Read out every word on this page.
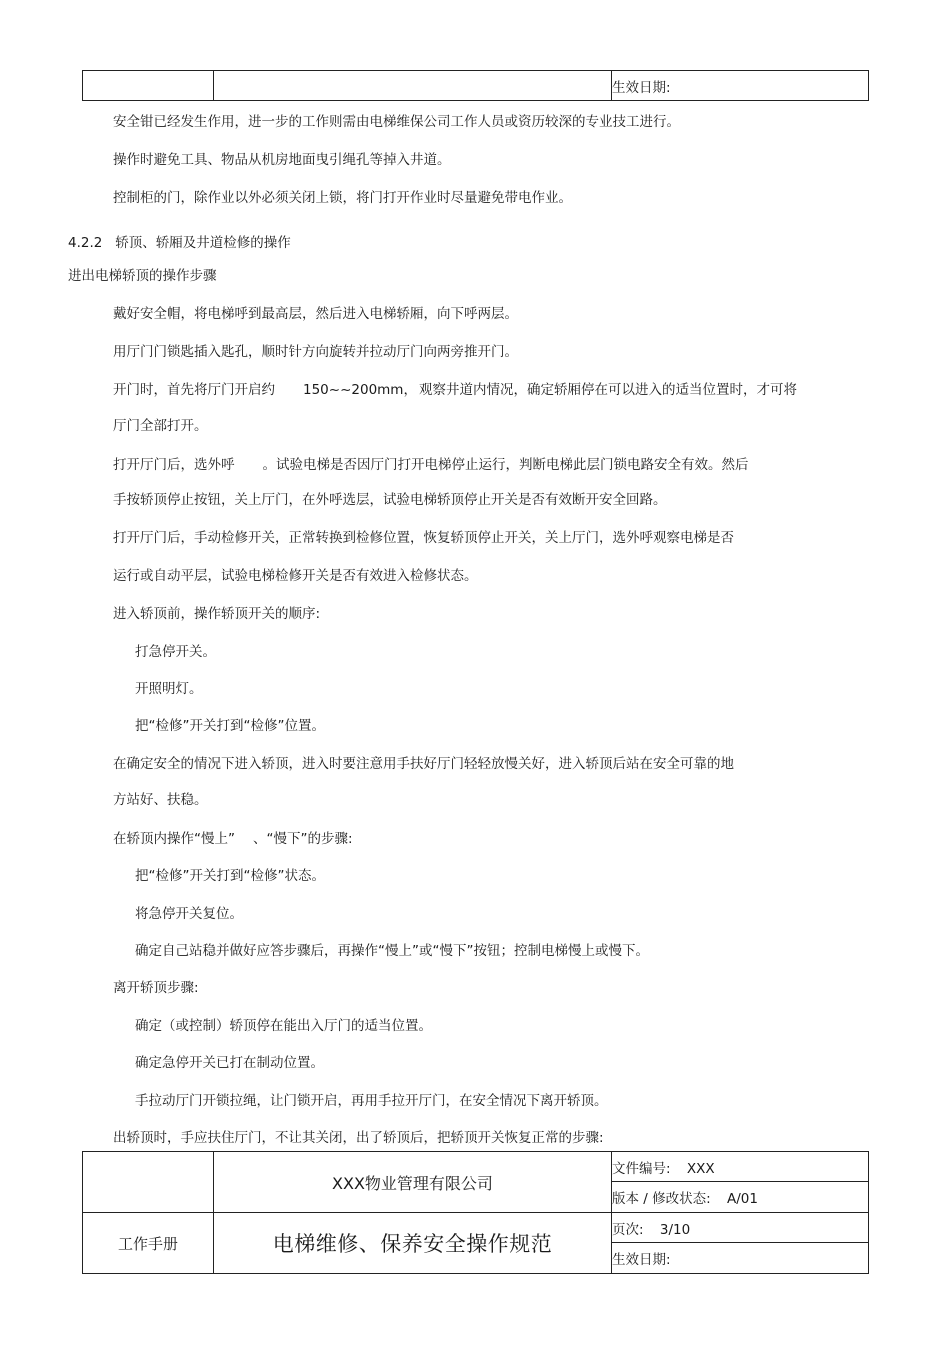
		生效日期:
安全钳已经发生作用，进一步的工作则需由电梯维保公司工作人员或资历较深的专业技工进行。
操作时避免工具、物品从机房地面曳引绳孔等掉入井道。
控制柜的门，除作业以外必须关闭上锁，将门打开作业时尽量避免带电作业。
4.2.2   轿顶、轿厢及井道检修的操作
进出电梯轿顶的操作步骤
戴好安全帽，将电梯呼到最高层，然后进入电梯轿厢，向下呼两层。
用厅门门锁匙插入匙孔，顺时针方向旋转并拉动厅门向两旁推开门。
开门时，首先将厅门开启约 150~~200mm， 观察井道内情况，确定轿厢停在可以进入的适当位置时，才可将
厅门全部打开。
打开厅门后，选外呼 。试验电梯是否因厅门打开电梯停止运行，判断电梯此层门锁电路安全有效。然后
手按轿顶停止按钮，关上厅门，在外呼选层，试验电梯轿顶停止开关是否有效断开安全回路。
打开厅门后，手动检修开关，正常转换到检修位置，恢复轿顶停止开关，关上厅门，选外呼观察电梯是否
运行或自动平层，试验电梯检修开关是否有效进入检修状态。
进入轿顶前，操作轿顶开关的顺序:
打急停开关。
开照明灯。
把“检修”开关打到“检修”位置。
在确定安全的情况下进入轿顶，进入时要注意用手扶好厅门轻轻放慢关好，进入轿顶后站在安全可靠的地
方站好、扶稳。
在轿顶内操作“慢上” 、“慢下”的步骤:
把“检修”开关打到“检修”状态。
将急停开关复位。
确定自己站稳并做好应答步骤后，再操作“慢上”或“慢下”按钮；控制电梯慢上或慢下。
离开轿顶步骤:
确定（或控制）轿顶停在能出入厅门的适当位置。
确定急停开关已打在制动位置。
手拉动厅门开锁拉绳，让门锁开启，再用手拉开厅门，在安全情况下离开轿顶。
出轿顶时，手应扶住厅门，不让其关闭，出了轿顶后，把轿顶开关恢复正常的步骤:
	XXX物业管理有限公司	文件编号: XXX
		版本 / 修改状态: A/01
工作手册	电梯维修、保养安全操作规范	页次: 3/10
		生效日期:
